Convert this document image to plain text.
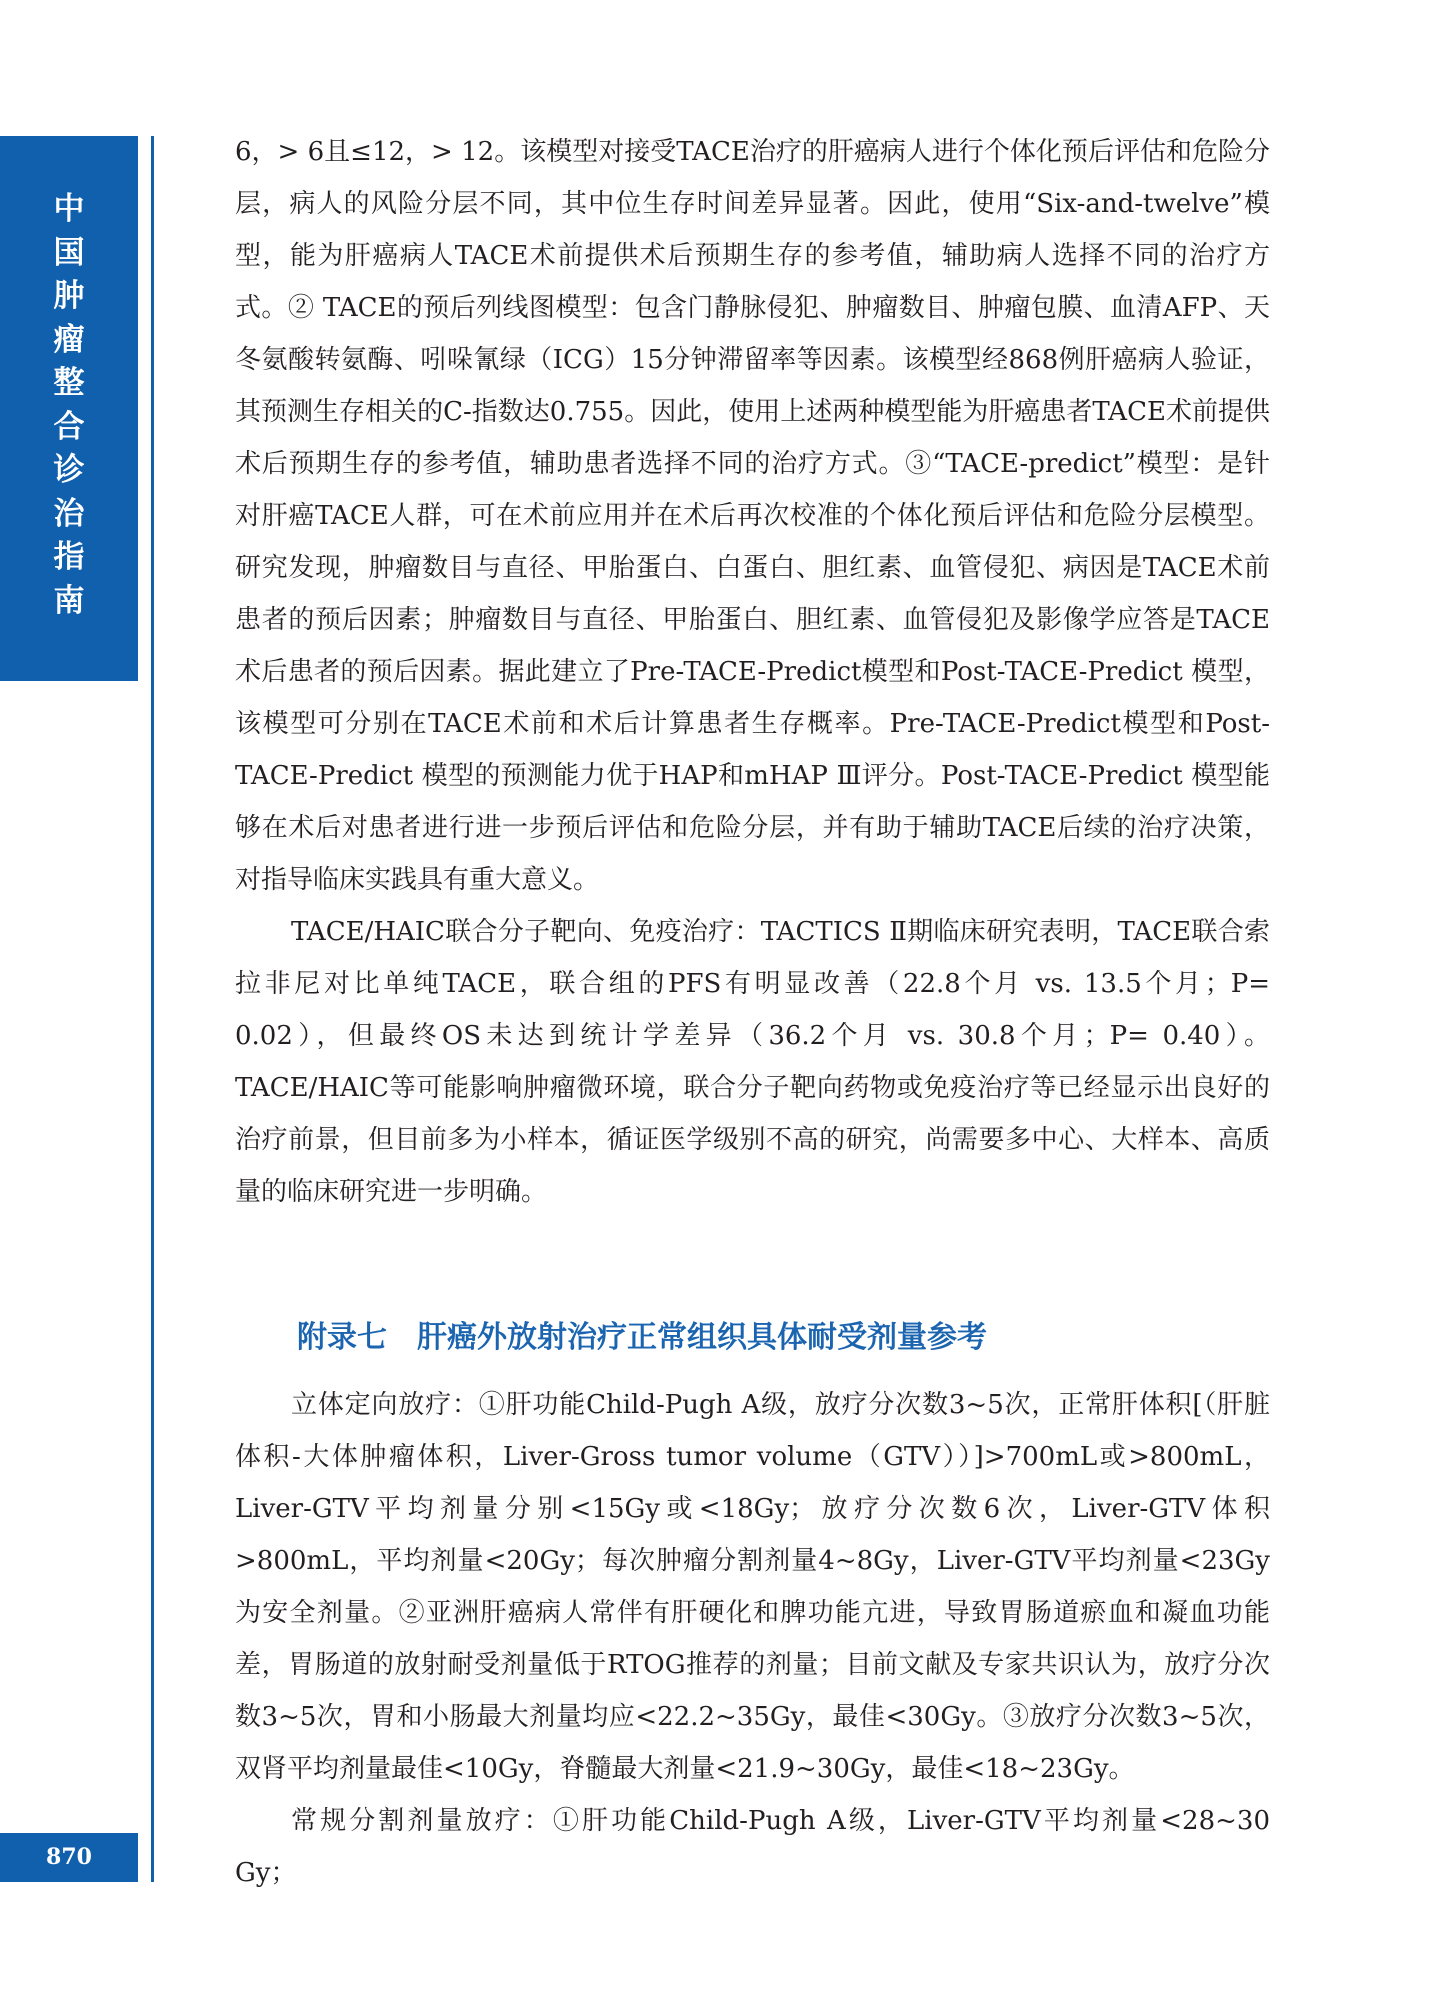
中
国
肿
瘤
整
合
诊
治
指
南
870

6，> 6且≤12，> 12。该模型对接受TACE治疗的肝癌病人进行个体化预后评估和危险分层，病人的风险分层不同，其中位生存时间差异显著。因此，使用“Six-and-twelve”模型，能为肝癌病人TACE术前提供术后预期生存的参考值，辅助病人选择不同的治疗方式。② TACE的预后列线图模型：包含门静脉侵犯、肿瘤数目、肿瘤包膜、血清AFP、天冬氨酸转氨酶、吲哚氰绿（ICG）15分钟滞留率等因素。该模型经868例肝癌病人验证，其预测生存相关的C-指数达0.755。因此，使用上述两种模型能为肝癌患者TACE术前提供术后预期生存的参考值，辅助患者选择不同的治疗方式。③“TACE-predict”模型：是针对肝癌TACE人群，可在术前应用并在术后再次校准的个体化预后评估和危险分层模型。研究发现，肿瘤数目与直径、甲胎蛋白、白蛋白、胆红素、血管侵犯、病因是TACE术前患者的预后因素；肿瘤数目与直径、甲胎蛋白、胆红素、血管侵犯及影像学应答是TACE术后患者的预后因素。据此建立了Pre-TACE-Predict模型和Post-TACE-Predict 模型，该模型可分别在TACE术前和术后计算患者生存概率。Pre-TACE-Predict模型和Post-TACE-Predict 模型的预测能力优于HAP和mHAP Ⅲ评分。Post-TACE-Predict 模型能够在术后对患者进行进一步预后评估和危险分层，并有助于辅助TACE后续的治疗决策，对指导临床实践具有重大意义。

TACE/HAIC联合分子靶向、免疫治疗：TACTICS Ⅱ期临床研究表明，TACE联合索拉非尼对比单纯TACE，联合组的PFS有明显改善（22.8个月 vs. 13.5个月；P= 0.02），但最终OS未达到统计学差异（36.2个月 vs. 30.8个月；P= 0.40）。TACE/HAIC等可能影响肿瘤微环境，联合分子靶向药物或免疫治疗等已经显示出良好的治疗前景，但目前多为小样本，循证医学级别不高的研究，尚需要多中心、大样本、高质量的临床研究进一步明确。

附录七　肝癌外放射治疗正常组织具体耐受剂量参考

立体定向放疗：①肝功能Child-Pugh A级，放疗分次数3~5次，正常肝体积[（肝脏体积-大体肿瘤体积，Liver-Gross tumor volume（GTV））]>700mL或>800mL，Liver-GTV平均剂量分别<15Gy或<18Gy；放疗分次数6次，Liver-GTV体积>800mL，平均剂量<20Gy；每次肿瘤分割剂量4~8Gy，Liver-GTV平均剂量<23Gy为安全剂量。②亚洲肝癌病人常伴有肝硬化和脾功能亢进，导致胃肠道瘀血和凝血功能差，胃肠道的放射耐受剂量低于RTOG推荐的剂量；目前文献及专家共识认为，放疗分次数3~5次，胃和小肠最大剂量均应<22.2~35Gy，最佳<30Gy。③放疗分次数3~5次，双肾平均剂量最佳<10Gy，脊髓最大剂量<21.9~30Gy，最佳<18~23Gy。

常规分割剂量放疗：①肝功能Child-Pugh A级，Liver-GTV平均剂量<28~30 Gy；
